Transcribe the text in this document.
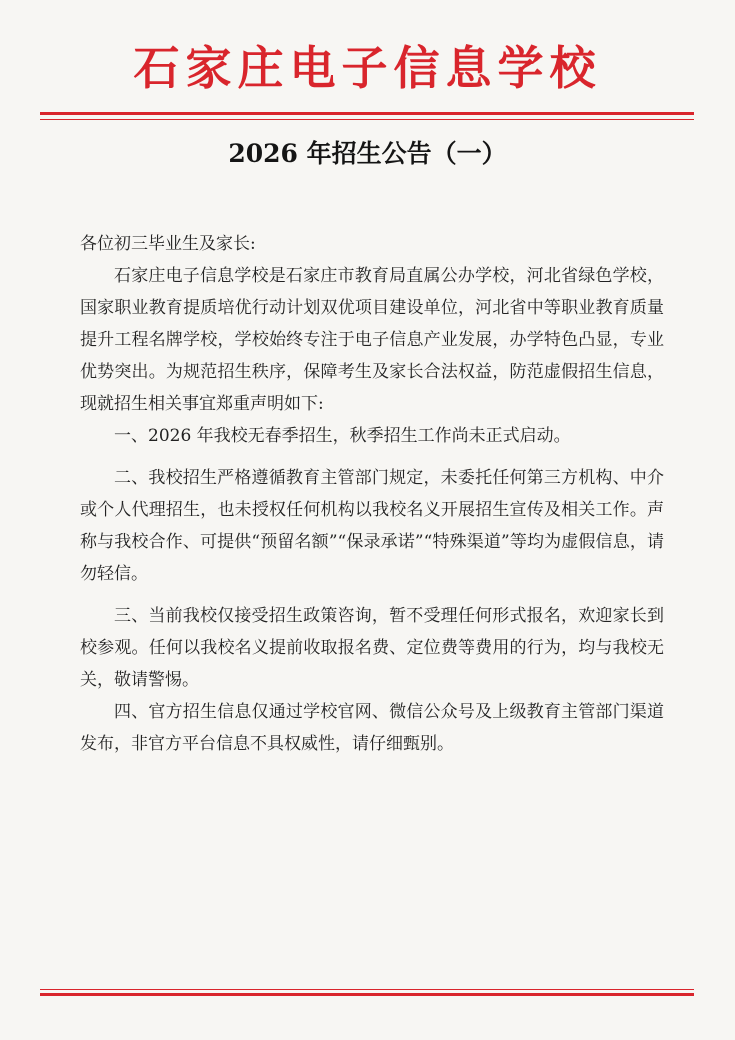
石家庄电子信息学校
2026 年招生公告（一）

各位初三毕业生及家长:

石家庄电子信息学校是石家庄市教育局直属公办学校，河北省绿色学校，国家职业教育提质培优行动计划双优项目建设单位，河北省中等职业教育质量提升工程名牌学校，学校始终专注于电子信息产业发展，办学特色凸显，专业优势突出。为规范招生秩序，保障考生及家长合法权益，防范虚假招生信息，现就招生相关事宜郑重声明如下:

一、2026 年我校无春季招生，秋季招生工作尚未正式启动。

二、我校招生严格遵循教育主管部门规定，未委托任何第三方机构、中介或个人代理招生，也未授权任何机构以我校名义开展招生宣传及相关工作。声称与我校合作、可提供“预留名额”“保录承诺”“特殊渠道”等均为虚假信息，请勿轻信。

三、当前我校仅接受招生政策咨询，暂不受理任何形式报名，欢迎家长到校参观。任何以我校名义提前收取报名费、定位费等费用的行为，均与我校无关，敬请警惕。

四、官方招生信息仅通过学校官网、微信公众号及上级教育主管部门渠道发布，非官方平台信息不具权威性，请仔细甄别。
